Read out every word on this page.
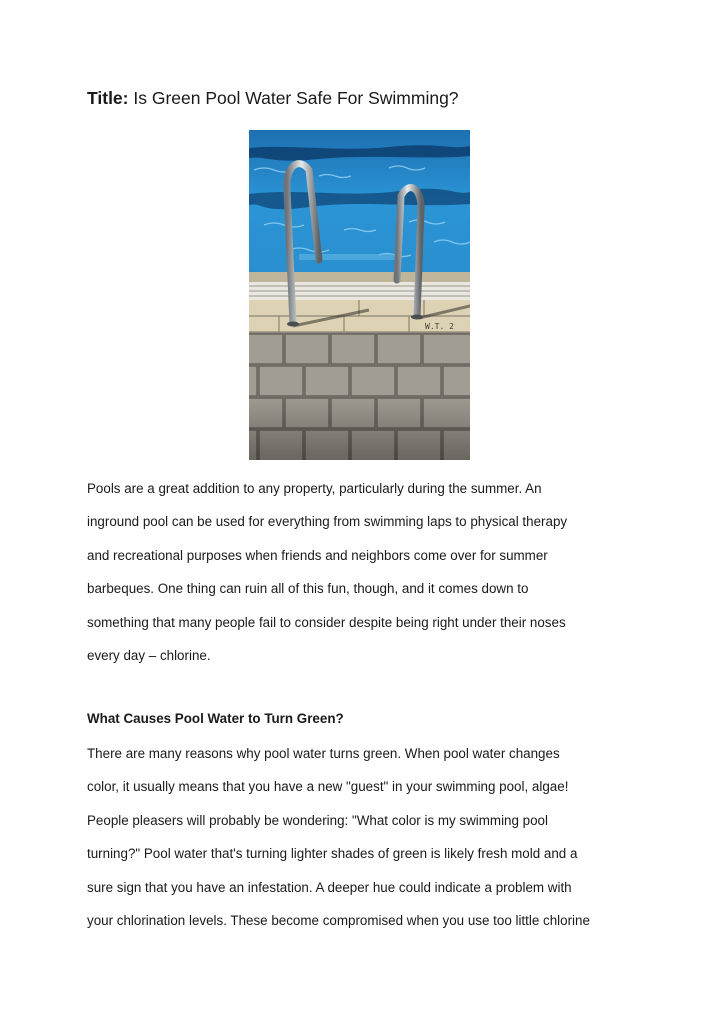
Title: Is Green Pool Water Safe For Swimming?
Pools are a great addition to any property, particularly during the summer. An
inground pool can be used for everything from swimming laps to physical therapy
and recreational purposes when friends and neighbors come over for summer
barbeques. One thing can ruin all of this fun, though, and it comes down to
something that many people fail to consider despite being right under their noses
every day – chlorine.
What Causes Pool Water to Turn Green?
There are many reasons why pool water turns green. When pool water changes
color, it usually means that you have a new "guest" in your swimming pool, algae!
People pleasers will probably be wondering: "What color is my swimming pool
turning?" Pool water that's turning lighter shades of green is likely fresh mold and a
sure sign that you have an infestation. A deeper hue could indicate a problem with
your chlorination levels. These become compromised when you use too little chlorine
